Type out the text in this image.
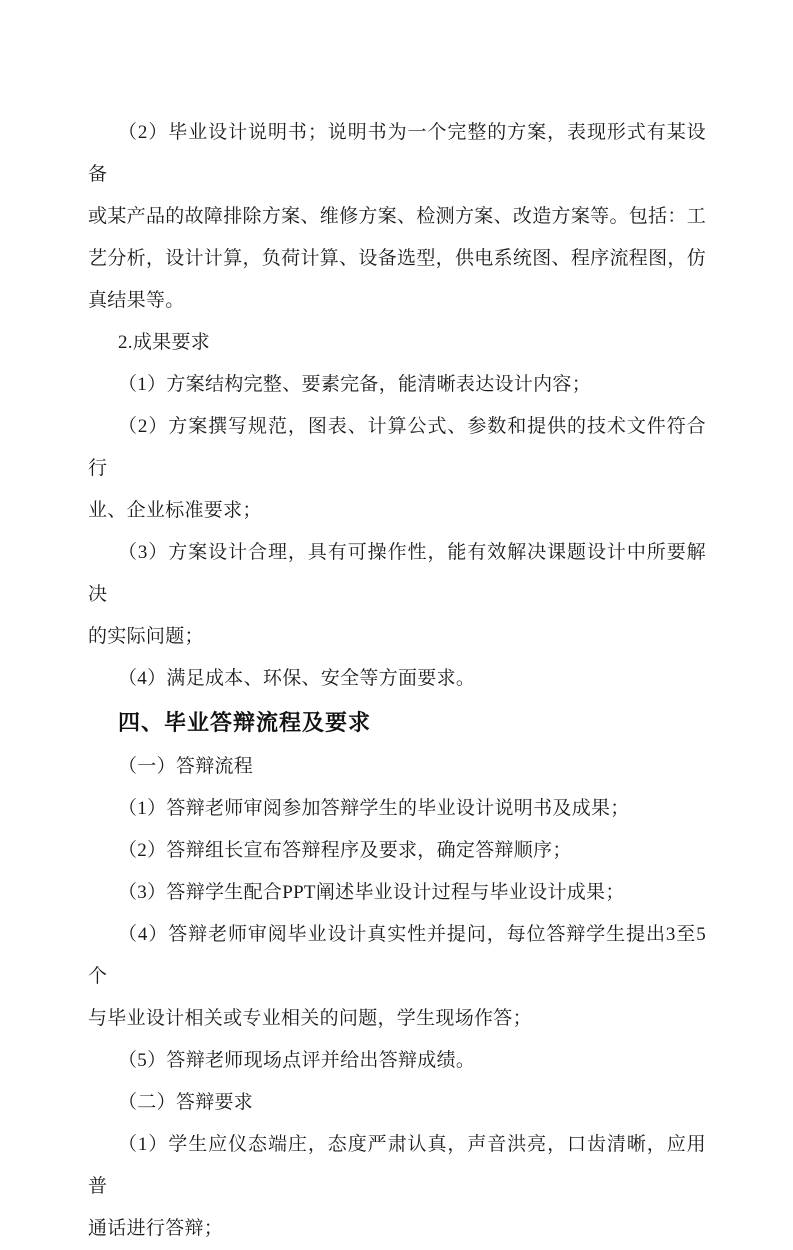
（2）毕业设计说明书；说明书为一个完整的方案，表现形式有某设备

或某产品的故障排除方案、维修方案、检测方案、改造方案等。包括：工

艺分析，设计计算，负荷计算、设备选型，供电系统图、程序流程图，仿

真结果等。

2.成果要求

（1）方案结构完整、要素完备，能清晰表达设计内容；

（2）方案撰写规范，图表、计算公式、参数和提供的技术文件符合行

业、企业标准要求；

（3）方案设计合理，具有可操作性，能有效解决课题设计中所要解决

的实际问题；

（4）满足成本、环保、安全等方面要求。

四、毕业答辩流程及要求

（一）答辩流程

（1）答辩老师审阅参加答辩学生的毕业设计说明书及成果；

（2）答辩组长宣布答辩程序及要求，确定答辩顺序；

（3）答辩学生配合PPT阐述毕业设计过程与毕业设计成果；

（4）答辩老师审阅毕业设计真实性并提问，每位答辩学生提出3至5个

与毕业设计相关或专业相关的问题，学生现场作答；

（5）答辩老师现场点评并给出答辩成绩。

（二）答辩要求

（1）学生应仪态端庄，态度严肃认真，声音洪亮，口齿清晰，应用普

通话进行答辩；
